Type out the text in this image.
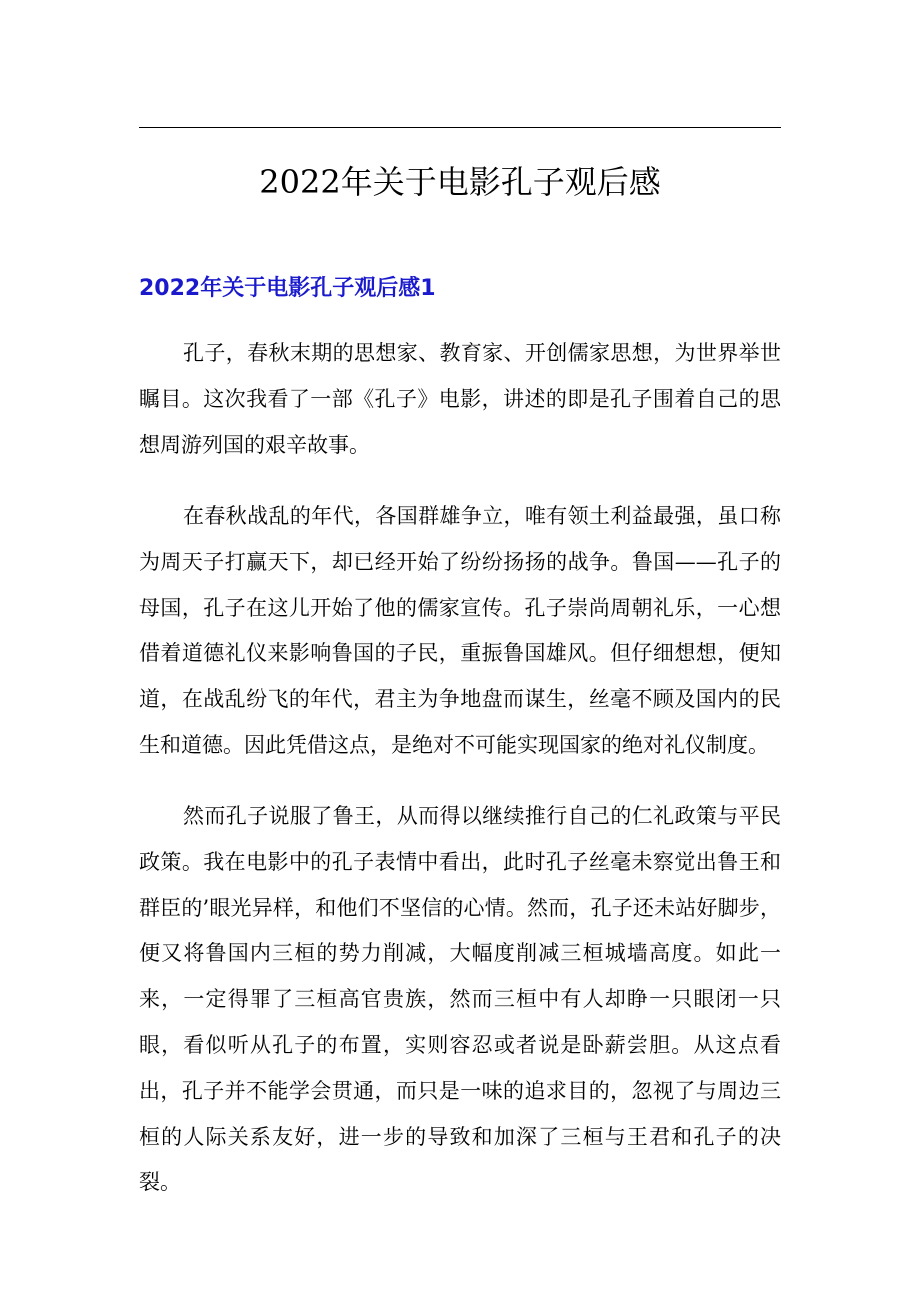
2022年关于电影孔子观后感
2022年关于电影孔子观后感1

孔子，春秋末期的思想家、教育家、开创儒家思想，为世界举世瞩目。这次我看了一部《孔子》电影，讲述的即是孔子围着自己的思想周游列国的艰辛故事。

在春秋战乱的年代，各国群雄争立，唯有领土利益最强，虽口称为周天子打赢天下，却已经开始了纷纷扬扬的战争。鲁国——孔子的母国，孔子在这儿开始了他的儒家宣传。孔子崇尚周朝礼乐，一心想借着道德礼仪来影响鲁国的子民，重振鲁国雄风。但仔细想想，便知道，在战乱纷飞的年代，君主为争地盘而谋生，丝毫不顾及国内的民生和道德。因此凭借这点，是绝对不可能实现国家的绝对礼仪制度。

然而孔子说服了鲁王，从而得以继续推行自己的仁礼政策与平民政策。我在电影中的孔子表情中看出，此时孔子丝毫未察觉出鲁王和群臣的’眼光异样，和他们不坚信的心情。然而，孔子还未站好脚步，便又将鲁国内三桓的势力削减，大幅度削减三桓城墙高度。如此一来，一定得罪了三桓高官贵族，然而三桓中有人却睁一只眼闭一只眼，看似听从孔子的布置，实则容忍或者说是卧薪尝胆。从这点看出，孔子并不能学会贯通，而只是一味的追求目的，忽视了与周边三桓的人际关系友好，进一步的导致和加深了三桓与王君和孔子的决裂。
